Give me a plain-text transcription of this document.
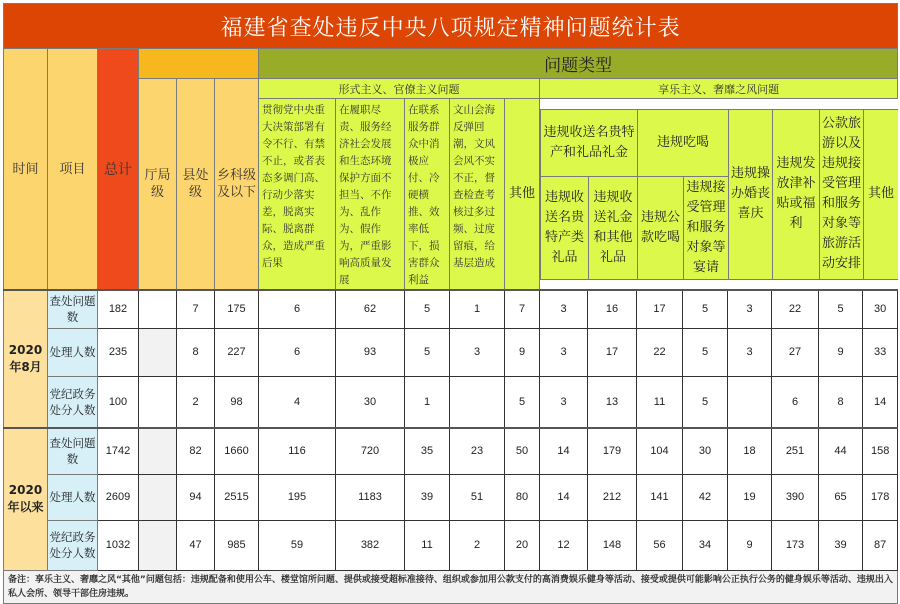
福建省查处违反中央八项规定精神问题统计表
时间	项目	总计		问题类型
厅局级	县处级	乡科级及以下	形式主义、官僚主义问题	享乐主义、奢靡之风问题
贯彻党中央重大决策部署有令不行、有禁不止，或者表态多调门高、行动少落实差，脱离实际、脱离群众，造成严重后果	在履职尽责、服务经济社会发展和生态环境保护方面不担当、不作为、乱作为、假作为，严重影响高质量发展	在联系服务群众中消极应付、冷硬横推、效率低下，损害群众利益	文山会海反弹回潮，文风会风不实不正，督查检查考核过多过频、过度留痕，给基层造成	其他	
违规收送名贵特产和礼品礼金	违规吃喝	违规操办婚丧喜庆	违规发放津补贴或福利	公款旅游以及违规接受管理和服务对象等旅游活动安排	其他
违规收送名贵特产类礼品	违规收送礼金和其他礼品	违规公款吃喝	违规接受管理和服务对象等宴请

2020年8月	查处问题数	182		7	175	6	62	5	1	7	3	16	17	5	3	22	5	30
处理人数	235		8	227	6	93	5	3	9	3	17	22	5	3	27	9	33
党纪政务处分人数	100		2	98	4	30	1		5	3	13	11	5		6	8	14
2020年以来	查处问题数	1742		82	1660	116	720	35	23	50	14	179	104	30	18	251	44	158
处理人数	2609		94	2515	195	1183	39	51	80	14	212	141	42	19	390	65	178
党纪政务处分人数	1032		47	985	59	382	11	2	20	12	148	56	34	9	173	39	87
备注：享乐主义、奢靡之风“其他”问题包括：违规配备和使用公车、楼堂馆所问题、提供或接受超标准接待、组织或参加用公款支付的高消费娱乐健身等活动、接受或提供可能影响公正执行公务的健身娱乐等活动、违规出入私人会所、领导干部住房违规。
